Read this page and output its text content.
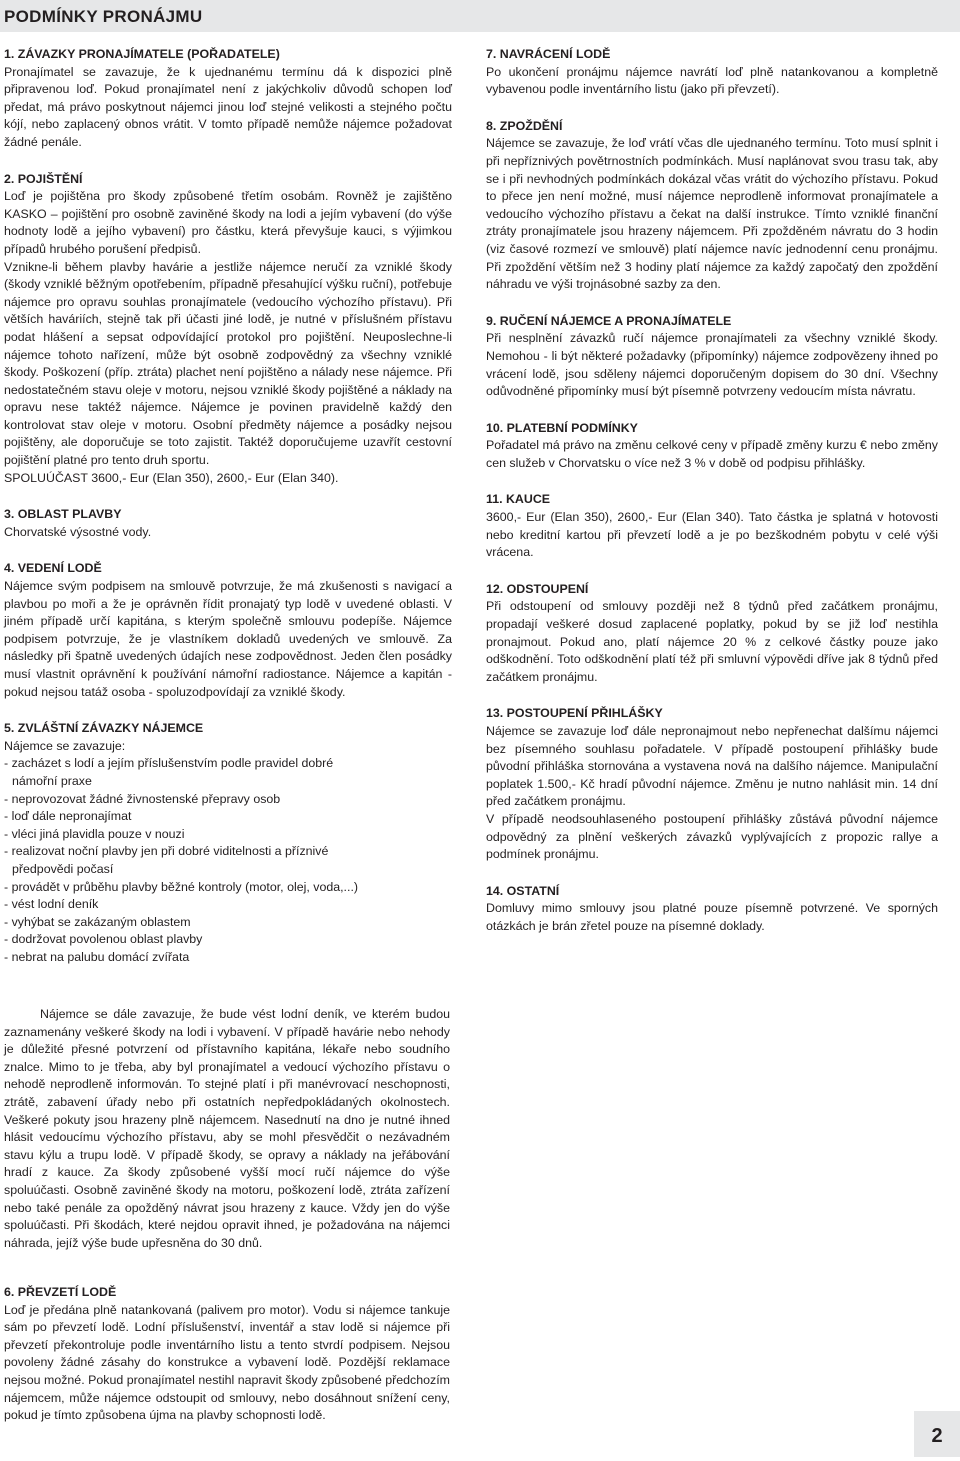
PODMÍNKY PRONÁJMU
1. ZÁVAZKY PRONAJÍMATELE (POŘADATELE)

Pronajímatel se zavazuje, že k ujednanému termínu dá k dispozici plně připravenou loď. Pokud pronajímatel není z jakýchkoliv důvodů schopen loď předat, má právo poskytnout nájemci jinou loď stejné velikosti a stejného počtu kójí, nebo zaplacený obnos vrátit. V tomto případě nemůže nájemce požadovat žádné penále.

2. POJIŠTĚNÍ

Loď je pojištěna pro škody způsobené třetím osobám. Rovněž je zajištěno KASKO – pojištění pro osobně zaviněné škody na lodi a jejím vybavení (do výše hodnoty lodě a jejího vybavení) pro částku, která převyšuje kauci, s výjimkou případů hrubého porušení předpisů.

Vznikne-li během plavby havárie a jestliže nájemce neručí za vzniklé škody (škody vzniklé běžným opotřebením, případně přesahující výšku ruční), potřebuje nájemce pro opravu souhlas pronajímatele (vedoucího výchozího přístavu). Při větších haváriích, stejně tak při účasti jiné lodě, je nutné v příslušném přístavu podat hlášení a sepsat odpovídající protokol pro pojištění. Neuposlechne-li nájemce tohoto nařízení, může být osobně zodpovědný za všechny vzniklé škody. Poškození (příp. ztráta) plachet není pojištěno a nálady nese nájemce. Při nedostatečném stavu oleje v motoru, nejsou vzniklé škody pojištěné a náklady na opravu nese taktéž nájemce. Nájemce je povinen pravidelně každý den kontrolovat stav oleje v motoru. Osobní předměty nájemce a posádky nejsou pojištěny, ale doporučuje se toto zajistit. Taktéž doporučujeme uzavřít cestovní pojištění platné pro tento druh sportu.

SPOLUÚČAST 3600,- Eur (Elan 350), 2600,- Eur (Elan 340).

3. OBLAST PLAVBY

Chorvatské výsostné vody.

4. VEDENÍ LODĚ

Nájemce svým podpisem na smlouvě potvrzuje, že má zkušenosti s navigací a plavbou po moři a že je oprávněn řídit pronajatý typ lodě v uvedené oblasti. V jiném případě určí kapitána, s kterým společně smlouvu podepíše. Nájemce podpisem potvrzuje, že je vlastníkem dokladů uvedených ve smlouvě. Za následky při špatně uvedených údajích nese zodpovědnost. Jeden člen posádky musí vlastnit oprávnění k používání námořní radiostance. Nájemce a kapitán - pokud nejsou tatáž osoba - spoluzodpovídají za vzniklé škody.

5. ZVLÁŠTNÍ ZÁVAZKY NÁJEMCE

Nájemce se zavazuje:

- zacházet s lodí a jejím příslušenstvím podle pravidel dobré
námořní praxe
- neprovozovat žádné živnostenské přepravy osob
- loď dále nepronajímat
- vléci jiná plavidla pouze v nouzi
- realizovat noční plavby jen při dobré viditelnosti a příznivé
předpovědi počasí
- provádět v průběhu plavby běžné kontroly (motor, olej, voda,...)
- vést lodní deník
- vyhýbat se zakázaným oblastem
- dodržovat povolenou oblast plavby
- nebrat na palubu domácí zvířata

Nájemce se dále zavazuje, že bude vést lodní deník, ve kterém budou zaznamenány veškeré škody na lodi i vybavení. V případě havárie nebo nehody je důležité přesné potvrzení od přístavního kapitána, lékaře nebo soudního znalce. Mimo to je třeba, aby byl pronajímatel a vedoucí výchozího přístavu o nehodě neprodleně informován. To stejné platí i při manévrovací neschopnosti, ztrátě, zabavení úřady nebo při ostatních nepředpokládaných okolnostech. Veškeré pokuty jsou hrazeny plně nájemcem. Nasednutí na dno je nutné ihned hlásit vedoucímu výchozího přístavu, aby se mohl přesvědčit o nezávadném stavu kýlu a trupu lodě. V případě škody, se opravy a náklady na jeřábování hradí z kauce. Za škody způsobené vyšší mocí ručí nájemce do výše spoluúčasti. Osobně zaviněné škody na motoru, poškození lodě, ztráta zařízení nebo také penále za opožděný návrat jsou hrazeny z kauce. Vždy jen do výše spoluúčasti. Při škodách, které nejdou opravit ihned, je požadována na nájemci náhrada, jejíž výše bude upřesněna do 30 dnů.

6. PŘEVZETÍ LODĚ

Loď je předána plně natankovaná (palivem pro motor). Vodu si nájemce tankuje sám po převzetí lodě. Lodní příslušenství, inventář a stav lodě si nájemce při převzetí překontroluje podle inventárního listu a tento stvrdí podpisem. Nejsou povoleny žádné zásahy do konstrukce a vybavení lodě. Pozdější reklamace nejsou možné. Pokud pronajímatel nestihl napravit škody způsobené předchozím nájemcem, může nájemce odstoupit od smlouvy, nebo dosáhnout snížení ceny, pokud je tímto způsobena újma na plavby schopnosti lodě.

7. NAVRÁCENÍ LODĚ

Po ukončení pronájmu nájemce navrátí loď plně natankovanou a kompletně vybavenou podle inventárního listu (jako při převzetí).

8. ZPOŽDĚNÍ

Nájemce se zavazuje, že loď vrátí včas dle ujednaného termínu. Toto musí splnit i při nepříznivých povětrnostních podmínkách. Musí naplánovat svou trasu tak, aby se i při nevhodných podmínkách dokázal včas vrátit do výchozího přístavu. Pokud to přece jen není možné, musí nájemce neprodleně informovat pronajímatele a vedoucího výchozího přístavu a čekat na další instrukce. Tímto vzniklé finanční ztráty pronajímatele jsou hrazeny nájemcem. Při zpožděném návratu do 3 hodin (viz časové rozmezí ve smlouvě) platí nájemce navíc jednodenní cenu pronájmu. Při zpoždění větším než 3 hodiny platí nájemce za každý započatý den zpoždění náhradu ve výši trojnásobné sazby za den.

9. RUČENÍ NÁJEMCE A PRONAJÍMATELE

Při nesplnění závazků ručí nájemce pronajímateli za všechny vzniklé škody. Nemohou - li být některé požadavky (připomínky) nájemce zodpovězeny ihned po vrácení lodě, jsou sděleny nájemci doporučeným dopisem do 30 dní. Všechny odůvodněné připomínky musí být písemně potvrzeny vedoucím místa návratu.

10. PLATEBNÍ PODMÍNKY

Pořadatel má právo na změnu celkové ceny v případě změny kurzu € nebo změny cen služeb v Chorvatsku o více než 3 % v době od podpisu přihlášky.

11. KAUCE

3600,- Eur (Elan 350), 2600,- Eur (Elan 340). Tato částka je splatná v hotovosti nebo kreditní kartou při převzetí lodě a je po bezškodném pobytu v celé výši vrácena.

12. ODSTOUPENÍ

Při odstoupení od smlouvy později než 8 týdnů před začátkem pronájmu, propadají veškeré dosud zaplacené poplatky, pokud by se již loď nestihla pronajmout. Pokud ano, platí nájemce 20 % z celkové částky pouze jako odškodnění. Toto odškodnění platí též při smluvní výpovědi dříve jak 8 týdnů před začátkem pronájmu.

13. POSTOUPENÍ PŘIHLÁŠKY

Nájemce se zavazuje loď dále nepronajmout nebo nepřenechat dalšímu nájemci bez písemného souhlasu pořadatele. V případě postoupení přihlášky bude původní přihláška stornována a vystavena nová na dalšího nájemce. Manipulační poplatek 1.500,- Kč hradí původní nájemce. Změnu je nutno nahlásit min. 14 dní před začátkem pronájmu.

V případě neodsouhlaseného postoupení přihlášky zůstává původní nájemce odpovědný za plnění veškerých závazků vyplývajících z propozic rallye a podmínek pronájmu.

14. OSTATNÍ

Domluvy mimo smlouvy jsou platné pouze písemně potvrzené. Ve sporných otázkách je brán zřetel pouze na písemné doklady.

2
